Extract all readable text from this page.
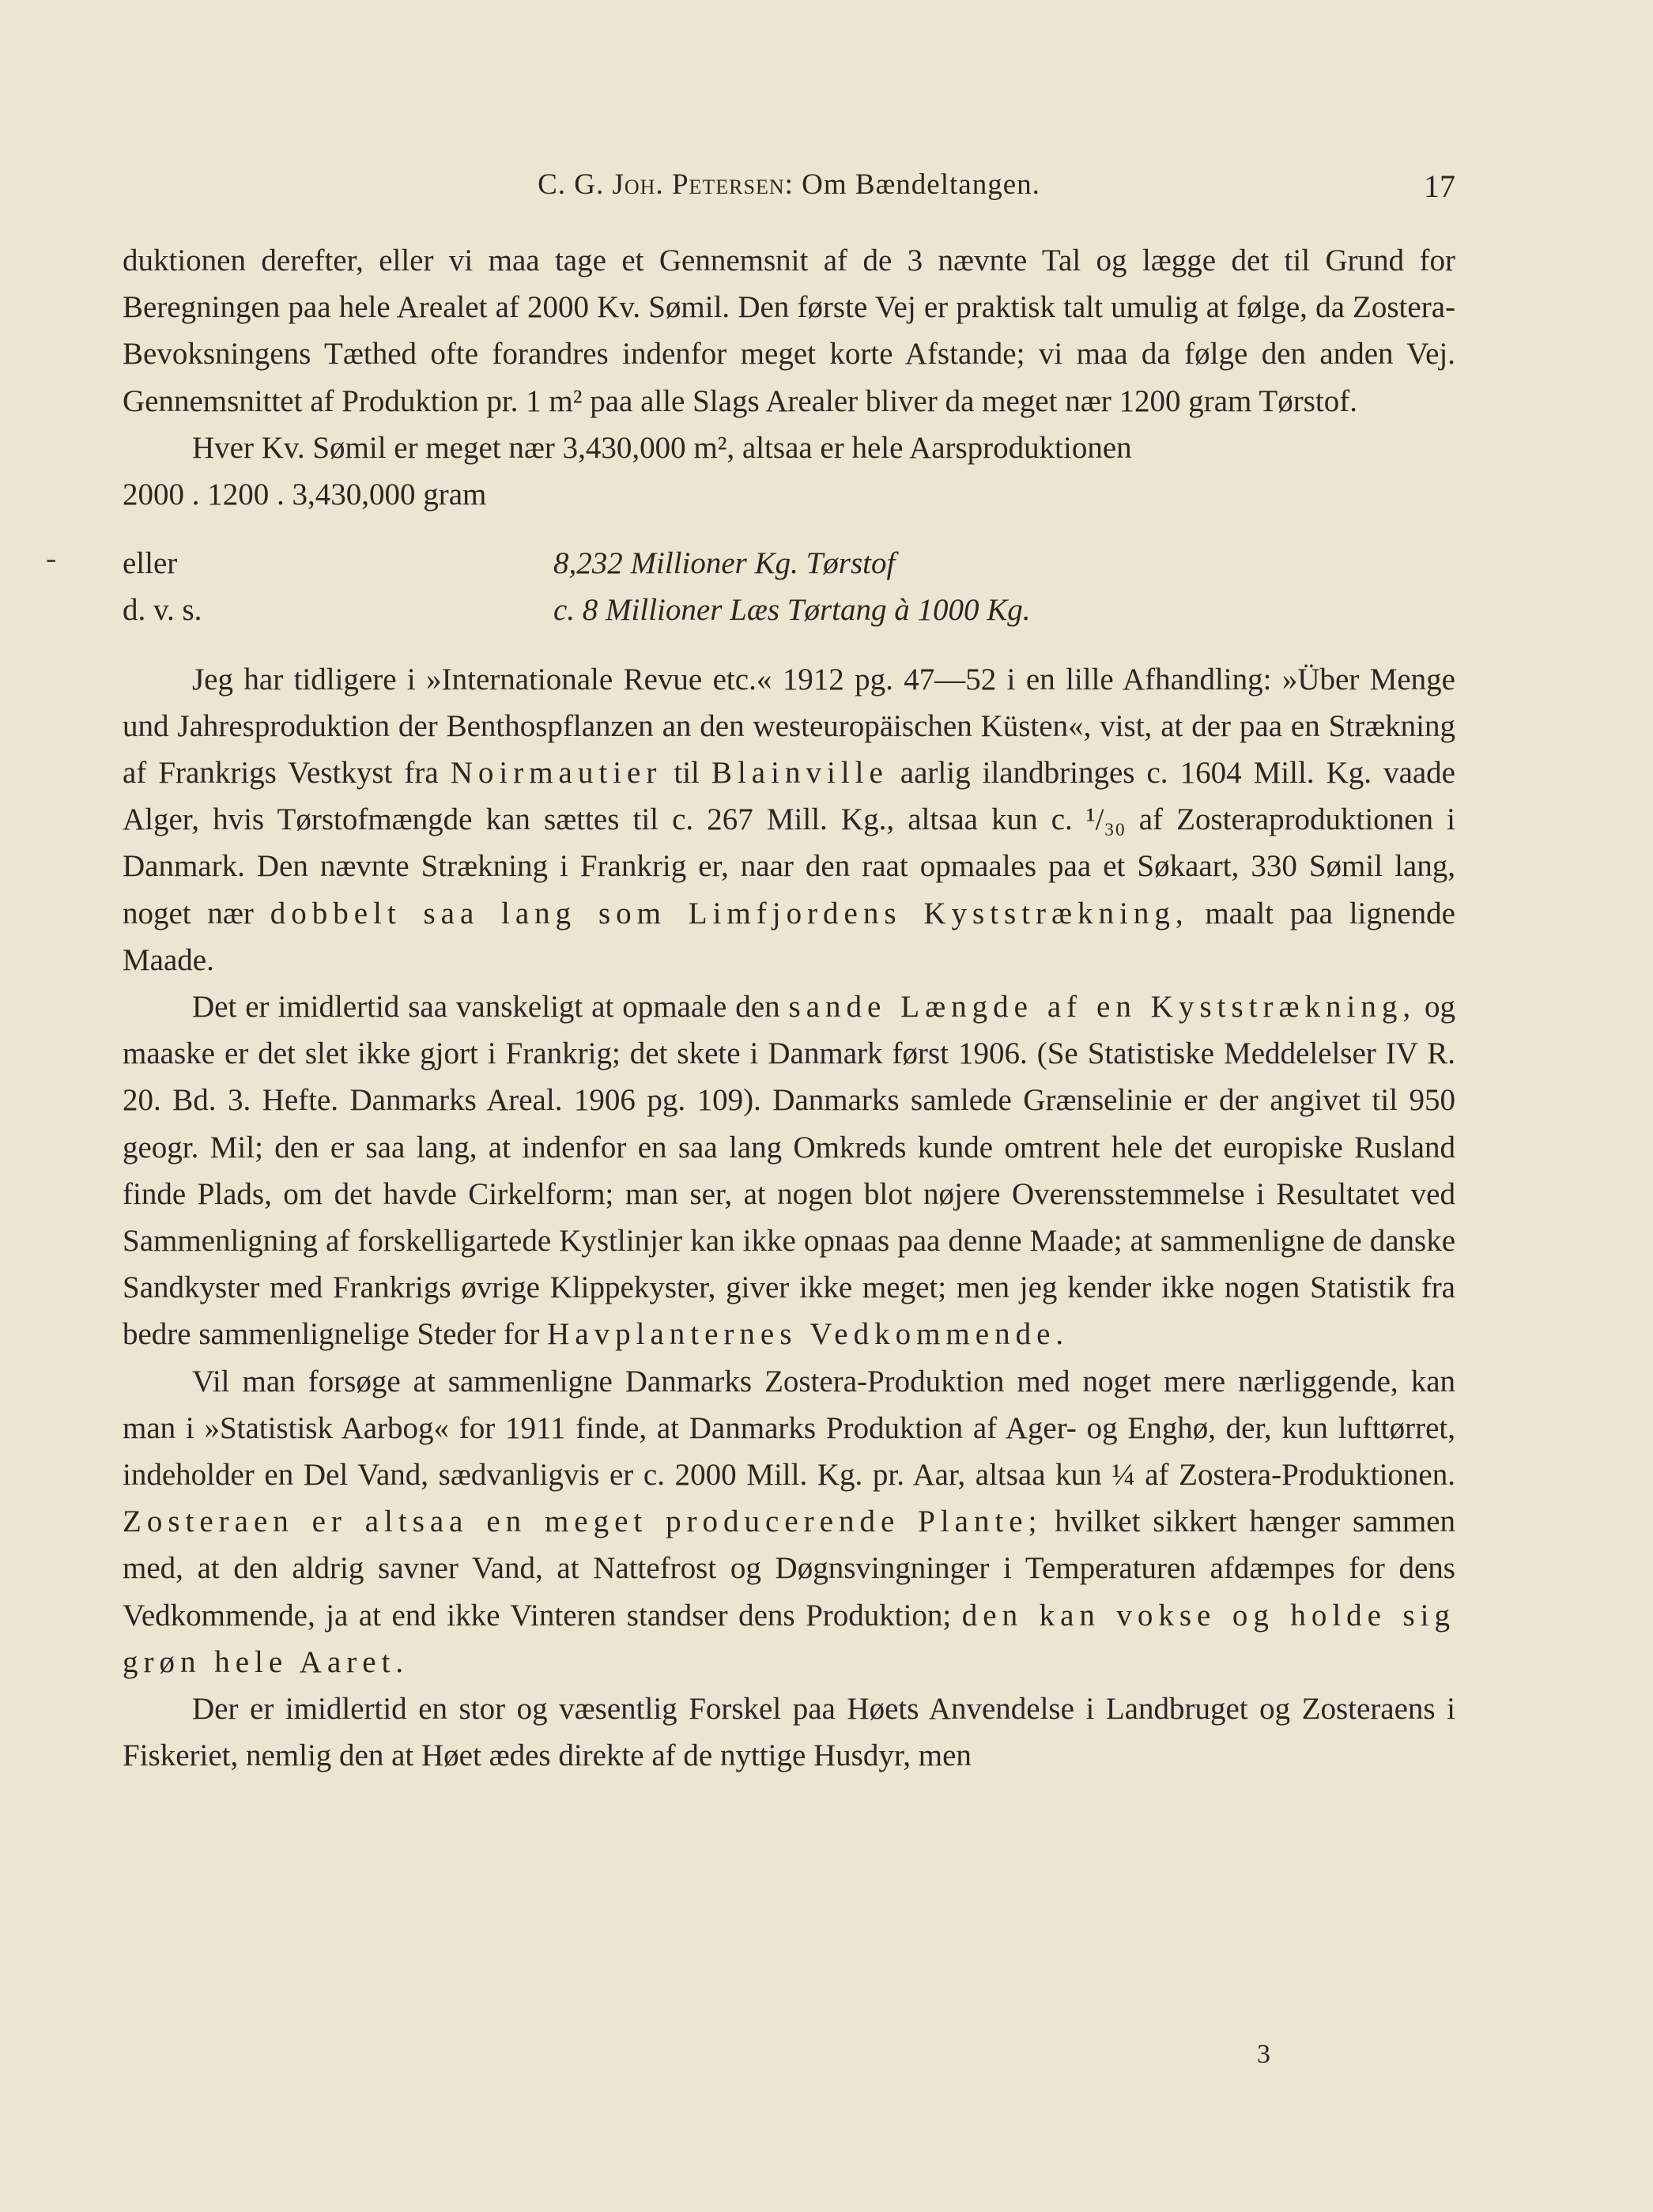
C. G. Joh. Petersen: Om Bændeltangen.	17
-

duktionen derefter, eller vi maa tage et Gennemsnit af de 3 nævnte Tal og lægge det til Grund for Beregningen paa hele Arealet af 2000 Kv. Sømil. Den første Vej er praktisk talt umulig at følge, da Zostera-Bevoksningens Tæthed ofte forandres indenfor meget korte Afstande; vi maa da følge den anden Vej. Gennemsnittet af Produktion pr. 1 m² paa alle Slags Arealer bliver da meget nær 1200 gram Tørstof.

Hver Kv. Sømil er meget nær 3,430,000 m², altsaa er hele Aarsproduktionen

2000 . 1200 . 3,430,000 gram

eller	8,232 Millioner Kg. Tørstof
d. v. s.	c. 8 Millioner Læs Tørtang à 1000 Kg.

Jeg har tidligere i »Internationale Revue etc.« 1912 pg. 47—52 i en lille Afhandling: »Über Menge und Jahresproduktion der Benthospflanzen an den westeuropäischen Küsten«, vist, at der paa en Strækning af Frankrigs Vestkyst fra Noirmautier til Blainville aarlig ilandbringes c. 1604 Mill. Kg. vaade Alger, hvis Tørstofmængde kan sættes til c. 267 Mill. Kg., altsaa kun c. ¹/₃₀ af Zosteraproduktionen i Danmark. Den nævnte Strækning i Frankrig er, naar den raat opmaales paa et Søkaart, 330 Sømil lang, noget nær dobbelt saa lang som Limfjordens Kyststrækning, maalt paa lignende Maade.

Det er imidlertid saa vanskeligt at opmaale den sande Længde af en Kyststrækning, og maaske er det slet ikke gjort i Frankrig; det skete i Danmark først 1906. (Se Statistiske Meddelelser IV R. 20. Bd. 3. Hefte. Danmarks Areal. 1906 pg. 109). Danmarks samlede Grænselinie er der angivet til 950 geogr. Mil; den er saa lang, at indenfor en saa lang Omkreds kunde omtrent hele det europiske Rusland finde Plads, om det havde Cirkelform; man ser, at nogen blot nøjere Overensstemmelse i Resultatet ved Sammenligning af forskelligartede Kystlinjer kan ikke opnaas paa denne Maade; at sammenligne de danske Sandkyster med Frankrigs øvrige Klippekyster, giver ikke meget; men jeg kender ikke nogen Statistik fra bedre sammenlignelige Steder for Havplanternes Vedkommende.

Vil man forsøge at sammenligne Danmarks Zostera-Produktion med noget mere nærliggende, kan man i »Statistisk Aarbog« for 1911 finde, at Danmarks Produktion af Ager- og Enghø, der, kun lufttørret, indeholder en Del Vand, sædvanligvis er c. 2000 Mill. Kg. pr. Aar, altsaa kun ¼ af Zostera-Produktionen. Zosteraen er altsaa en meget producerende Plante; hvilket sikkert hænger sammen med, at den aldrig savner Vand, at Nattefrost og Døgnsvingninger i Temperaturen afdæmpes for dens Vedkommende, ja at end ikke Vinteren standser dens Produktion; den kan vokse og holde sig grøn hele Aaret.

Der er imidlertid en stor og væsentlig Forskel paa Høets Anvendelse i Landbruget og Zosteraens i Fiskeriet, nemlig den at Høet ædes direkte af de nyttige Husdyr, men

3
